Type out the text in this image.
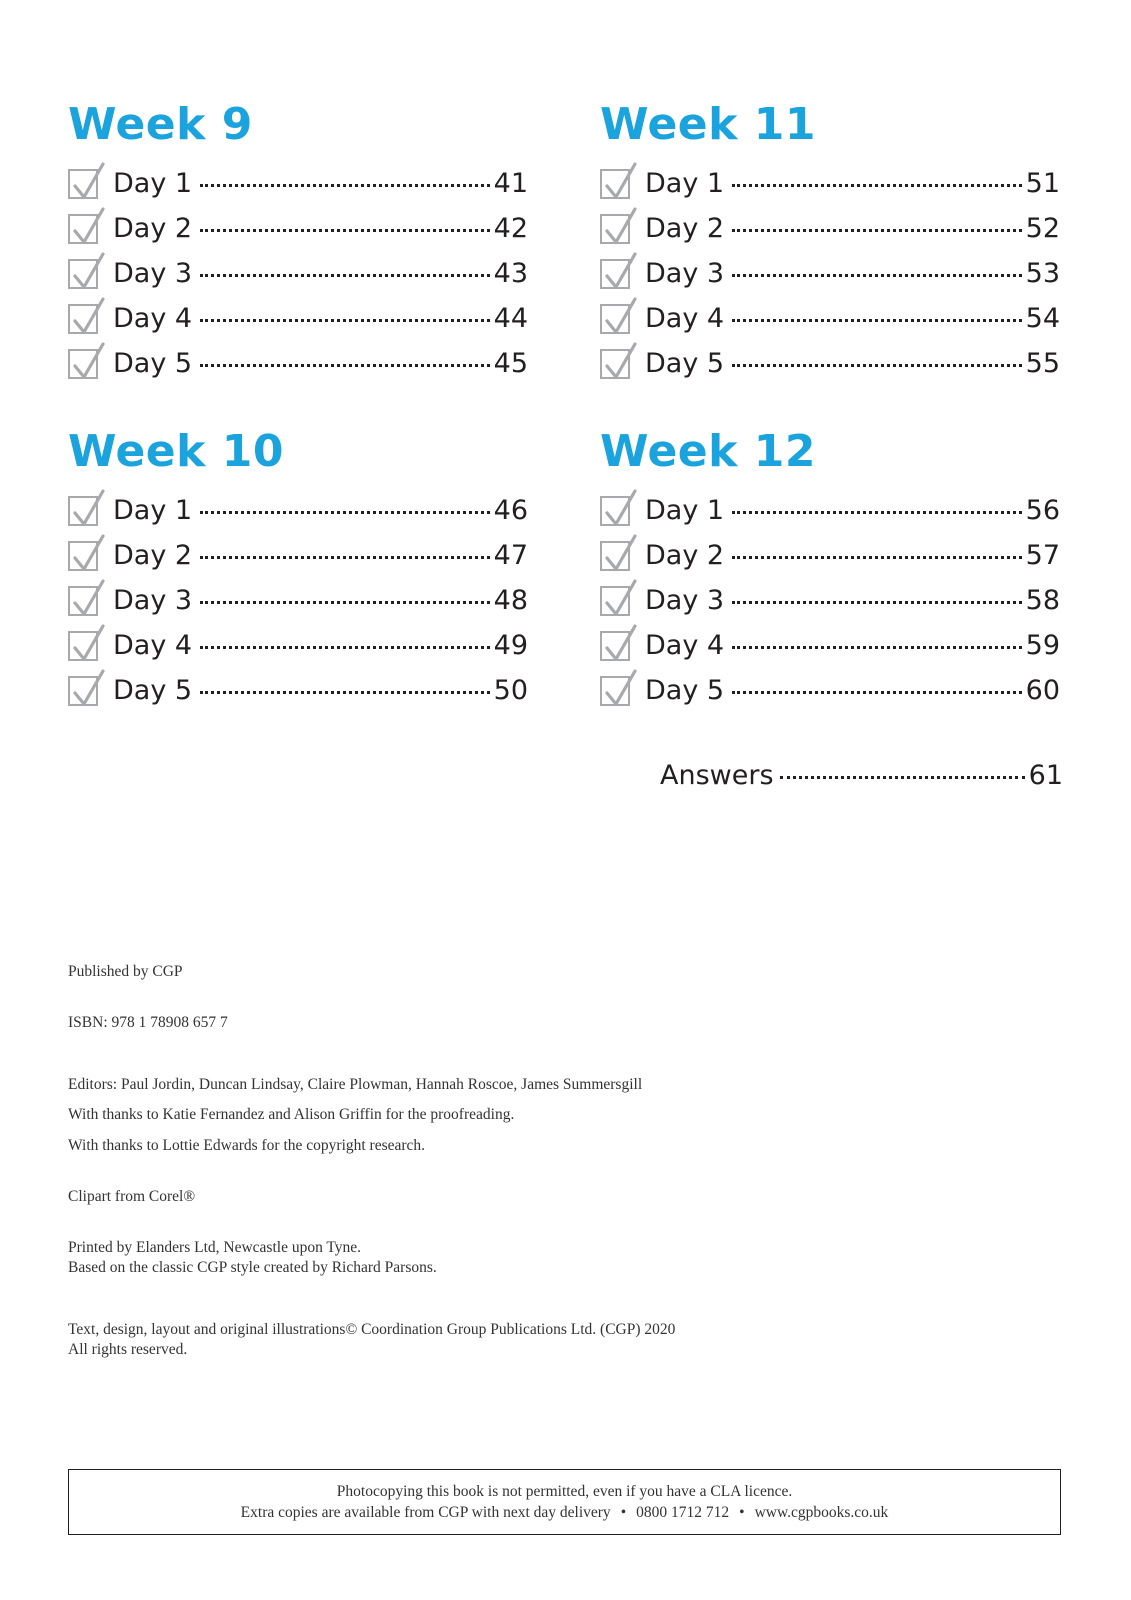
Week 9
Day 1	41
Day 2	42
Day 3	43
Day 4	44
Day 5	45
Week 11
Day 1	51
Day 2	52
Day 3	53
Day 4	54
Day 5	55
Week 10
Day 1	46
Day 2	47
Day 3	48
Day 4	49
Day 5	50
Week 12
Day 1	56
Day 2	57
Day 3	58
Day 4	59
Day 5	60
Answers	61
Published by CGP
ISBN: 978 1 78908 657 7
Editors: Paul Jordin, Duncan Lindsay, Claire Plowman, Hannah Roscoe, James Summersgill
With thanks to Katie Fernandez and Alison Griffin for the proofreading.
With thanks to Lottie Edwards for the copyright research.
Clipart from Corel®
Printed by Elanders Ltd, Newcastle upon Tyne.
Based on the classic CGP style created by Richard Parsons.
Text, design, layout and original illustrations© Coordination Group Publications Ltd. (CGP) 2020
All rights reserved.
Photocopying this book is not permitted, even if you have a CLA licence.
Extra copies are available from CGP with next day delivery • 0800 1712 712 • www.cgpbooks.co.uk
